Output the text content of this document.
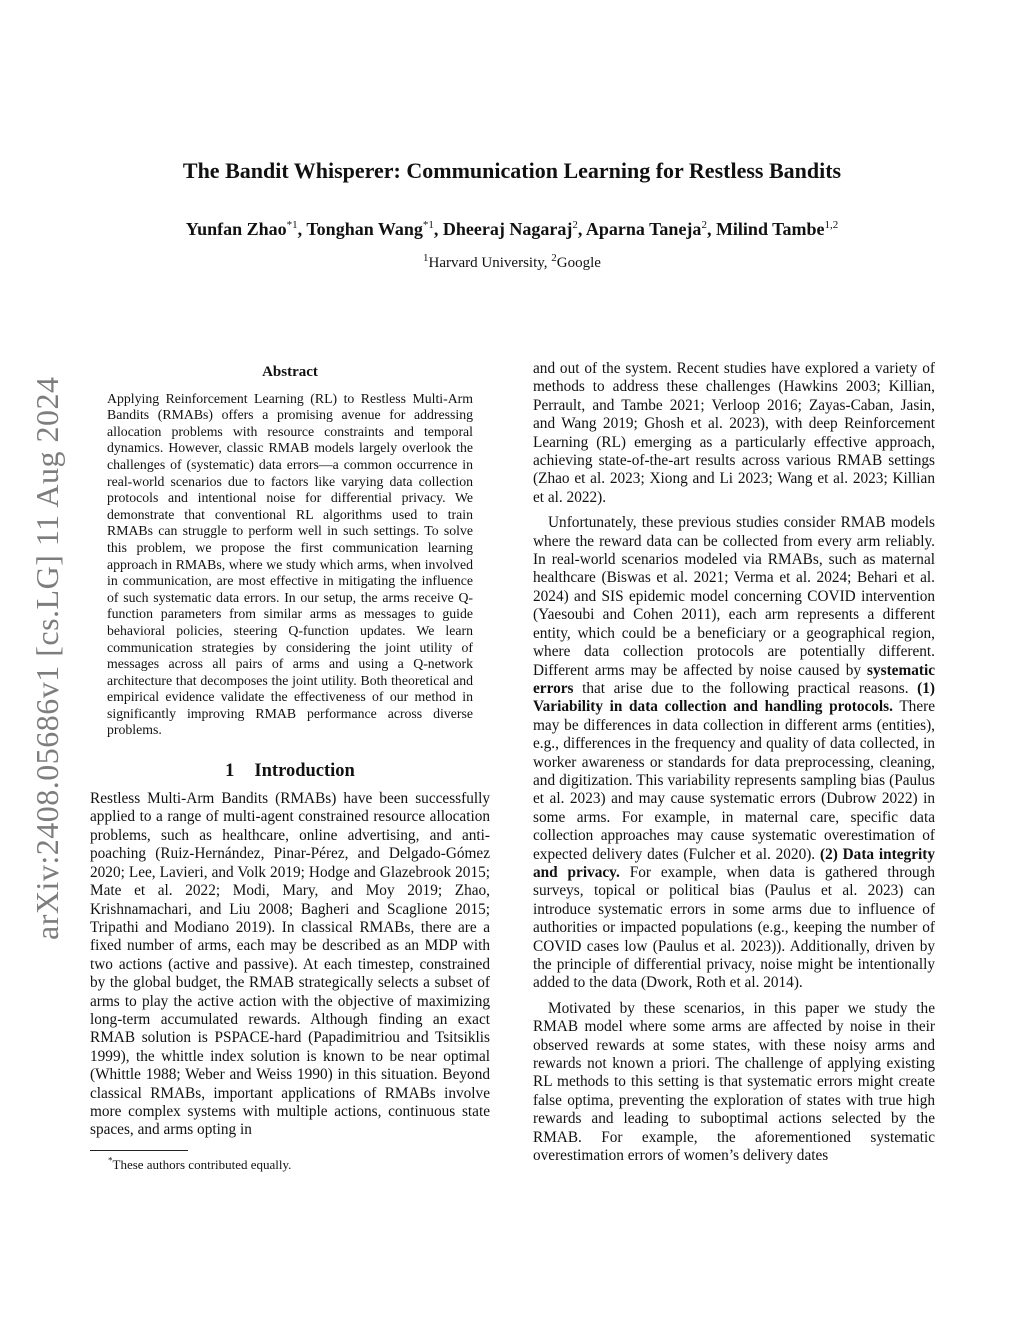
arXiv:2408.05686v1 [cs.LG] 11 Aug 2024
The Bandit Whisperer: Communication Learning for Restless Bandits
Yunfan Zhao$^{*1}$, Tonghan Wang$^{*1}$, Dheeraj Nagaraj$^2$, Aparna Taneja$^2$, Milind Tambe$^{1,2}$
$^1$Harvard University, $^2$Google
Abstract

Applying Reinforcement Learning (RL) to Restless Multi-Arm Bandits (RMABs) offers a promising avenue for addressing allocation problems with resource constraints and temporal dynamics. However, classic RMAB models largely overlook the challenges of (systematic) data errors—a common occurrence in real-world scenarios due to factors like varying data collection protocols and intentional noise for differential privacy. We demonstrate that conventional RL algorithms used to train RMABs can struggle to perform well in such settings. To solve this problem, we propose the first communication learning approach in RMABs, where we study which arms, when involved in communication, are most effective in mitigating the influence of such systematic data errors. In our setup, the arms receive Q-function parameters from similar arms as messages to guide behavioral policies, steering Q-function updates. We learn communication strategies by considering the joint utility of messages across all pairs of arms and using a Q-network architecture that decomposes the joint utility. Both theoretical and empirical evidence validate the effectiveness of our method in significantly improving RMAB performance across diverse problems.

1 Introduction

Restless Multi-Arm Bandits (RMABs) have been successfully applied to a range of multi-agent constrained resource allocation problems, such as healthcare, online advertising, and anti-poaching (Ruiz-Hernández, Pinar-Pérez, and Delgado-Gómez 2020; Lee, Lavieri, and Volk 2019; Hodge and Glazebrook 2015; Mate et al. 2022; Modi, Mary, and Moy 2019; Zhao, Krishnamachari, and Liu 2008; Bagheri and Scaglione 2015; Tripathi and Modiano 2019). In classical RMABs, there are a fixed number of arms, each may be described as an MDP with two actions (active and passive). At each timestep, constrained by the global budget, the RMAB strategically selects a subset of arms to play the active action with the objective of maximizing long-term accumulated rewards. Although finding an exact RMAB solution is PSPACE-hard (Papadimitriou and Tsitsiklis 1999), the whittle index solution is known to be near optimal (Whittle 1988; Weber and Weiss 1990) in this situation. Beyond classical RMABs, important applications of RMABs involve more complex systems with multiple actions, continuous state spaces, and arms opting in

*These authors contributed equally.

and out of the system. Recent studies have explored a variety of methods to address these challenges (Hawkins 2003; Killian, Perrault, and Tambe 2021; Verloop 2016; Zayas-Caban, Jasin, and Wang 2019; Ghosh et al. 2023), with deep Reinforcement Learning (RL) emerging as a particularly effective approach, achieving state-of-the-art results across various RMAB settings (Zhao et al. 2023; Xiong and Li 2023; Wang et al. 2023; Killian et al. 2022).

Unfortunately, these previous studies consider RMAB models where the reward data can be collected from every arm reliably. In real-world scenarios modeled via RMABs, such as maternal healthcare (Biswas et al. 2021; Verma et al. 2024; Behari et al. 2024) and SIS epidemic model concerning COVID intervention (Yaesoubi and Cohen 2011), each arm represents a different entity, which could be a beneficiary or a geographical region, where data collection protocols are potentially different. Different arms may be affected by noise caused by systematic errors that arise due to the following practical reasons. (1) Variability in data collection and handling protocols. There may be differences in data collection in different arms (entities), e.g., differences in the frequency and quality of data collected, in worker awareness or standards for data preprocessing, cleaning, and digitization. This variability represents sampling bias (Paulus et al. 2023) and may cause systematic errors (Dubrow 2022) in some arms. For example, in maternal care, specific data collection approaches may cause systematic overestimation of expected delivery dates (Fulcher et al. 2020). (2) Data integrity and privacy. For example, when data is gathered through surveys, topical or political bias (Paulus et al. 2023) can introduce systematic errors in some arms due to influence of authorities or impacted populations (e.g., keeping the number of COVID cases low (Paulus et al. 2023)). Additionally, driven by the principle of differential privacy, noise might be intentionally added to the data (Dwork, Roth et al. 2014).

Motivated by these scenarios, in this paper we study the RMAB model where some arms are affected by noise in their observed rewards at some states, with these noisy arms and rewards not known a priori. The challenge of applying existing RL methods to this setting is that systematic errors might create false optima, preventing the exploration of states with true high rewards and leading to suboptimal actions selected by the RMAB. For example, the aforementioned systematic overestimation errors of women’s delivery dates
